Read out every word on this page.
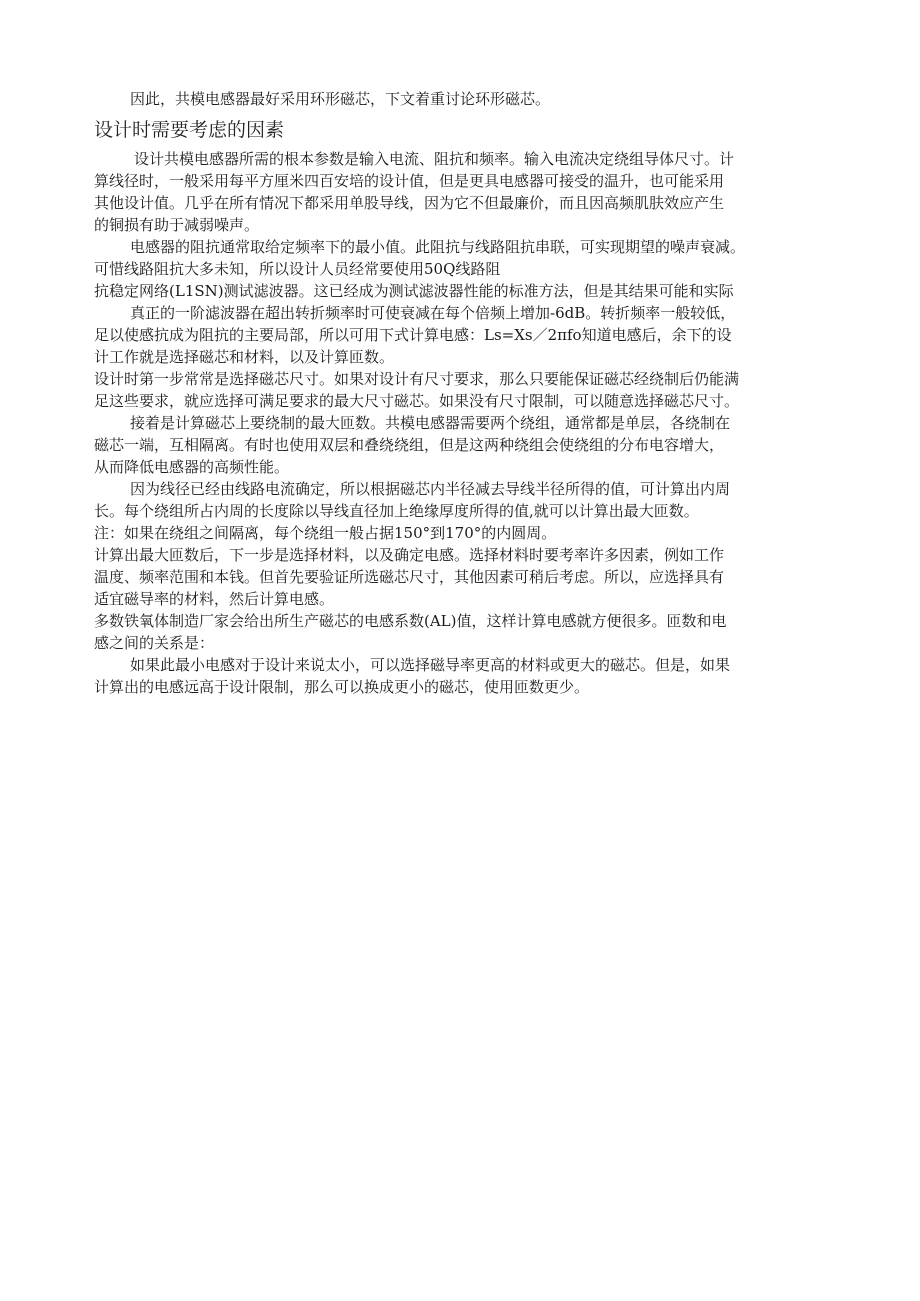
因此，共模电感器最好采用环形磁芯，下文着重讨论环形磁芯。
设计时需要考虑的因素
设计共模电感器所需的根本参数是输入电流、阻抗和频率。输入电流决定绕组导体尺寸。计
算线径时，一般采用每平方厘米四百安培的设计值，但是更具电感器可接受的温升，也可能采用
其他设计值。几乎在所有情况下都采用单股导线，因为它不但最廉价，而且因高频肌肤效应产生
的铜损有助于减弱噪声。
电感器的阻抗通常取给定频率下的最小值。此阻抗与线路阻抗串联，可实现期望的噪声衰减。
可惜线路阻抗大多未知，所以设计人员经常要使用50Q线路阻
抗稳定网络(L1SN)测试滤波器。这已经成为测试滤波器性能的标准方法，但是其结果可能和实际
真正的一阶滤波器在超出转折频率时可使衰减在每个倍频上增加-6dB。转折频率一般较低，
足以使感抗成为阻抗的主要局部，所以可用下式计算电感：Ls=Xs／2πfo知道电感后，余下的设
计工作就是选择磁芯和材料，以及计算匝数。
设计时第一步常常是选择磁芯尺寸。如果对设计有尺寸要求，那么只要能保证磁芯经绕制后仍能满
足这些要求，就应选择可满足要求的最大尺寸磁芯。如果没有尺寸限制，可以随意选择磁芯尺寸。
接着是计算磁芯上要绕制的最大匝数。共模电感器需要两个绕组，通常都是单层，各绕制在
磁芯一端，互相隔离。有时也使用双层和叠绕绕组，但是这两种绕组会使绕组的分布电容增大，
从而降低电感器的高频性能。
因为线径已经由线路电流确定，所以根据磁芯内半径减去导线半径所得的值，可计算出内周
长。每个绕组所占内周的长度除以导线直径加上绝缘厚度所得的值,就可以计算出最大匝数。
注：如果在绕组之间隔离，每个绕组一般占据150°到170°的内圆周。
计算出最大匝数后，下一步是选择材料，以及确定电感。选择材料时要考率许多因素，例如工作
温度、频率范围和本钱。但首先要验证所选磁芯尺寸，其他因素可稍后考虑。所以，应选择具有
适宜磁导率的材料，然后计算电感。
多数铁氧体制造厂家会给出所生产磁芯的电感系数(AL)值，这样计算电感就方便很多。匝数和电
感之间的关系是：
如果此最小电感对于设计来说太小，可以选择磁导率更高的材料或更大的磁芯。但是，如果
计算出的电感远高于设计限制，那么可以换成更小的磁芯，使用匝数更少。
